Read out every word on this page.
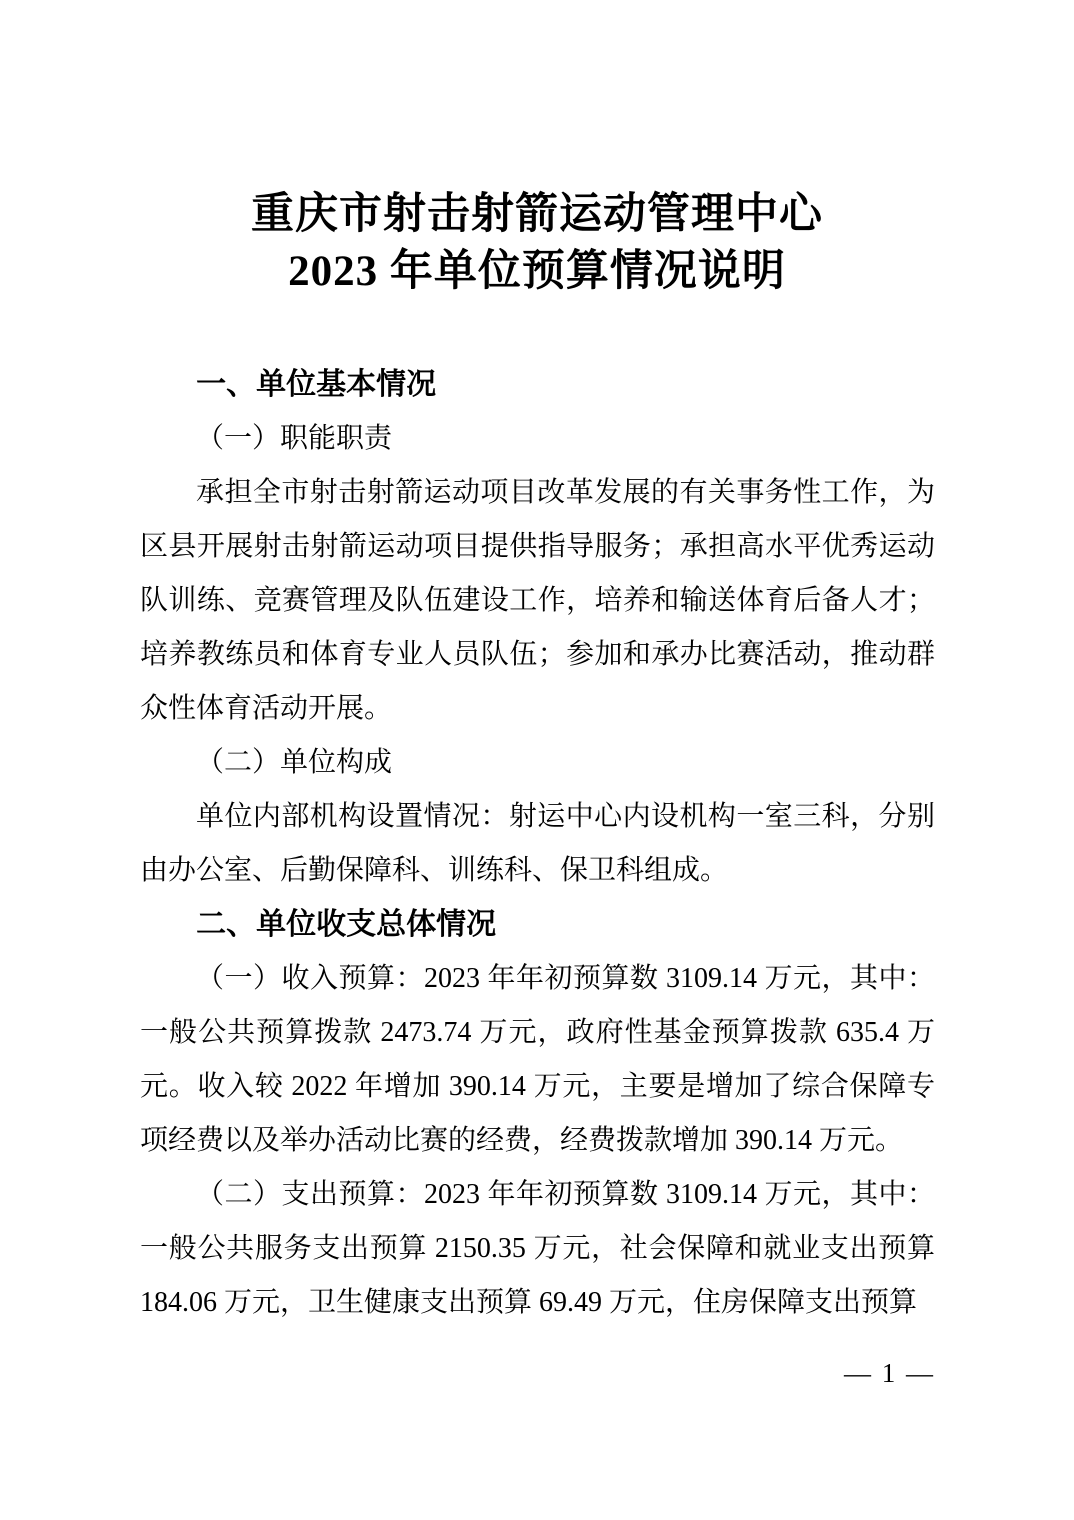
重庆市射击射箭运动管理中心
2023 年单位预算情况说明
一、单位基本情况
（一）职能职责
承担全市射击射箭运动项目改革发展的有关事务性工作，为区县开展射击射箭运动项目提供指导服务；承担高水平优秀运动队训练、竞赛管理及队伍建设工作，培养和输送体育后备人才；培养教练员和体育专业人员队伍；参加和承办比赛活动，推动群众性体育活动开展。
（二）单位构成
单位内部机构设置情况：射运中心内设机构一室三科，分别由办公室、后勤保障科、训练科、保卫科组成。
二、单位收支总体情况
（一）收入预算：2023 年年初预算数 3109.14 万元，其中：一般公共预算拨款 2473.74 万元，政府性基金预算拨款 635.4 万元。收入较 2022 年增加 390.14 万元，主要是增加了综合保障专项经费以及举办活动比赛的经费，经费拨款增加 390.14 万元。
（二）支出预算：2023 年年初预算数 3109.14 万元，其中：一般公共服务支出预算 2150.35 万元，社会保障和就业支出预算 184.06 万元，卫生健康支出预算 69.49 万元，住房保障支出预算
— 1 —
